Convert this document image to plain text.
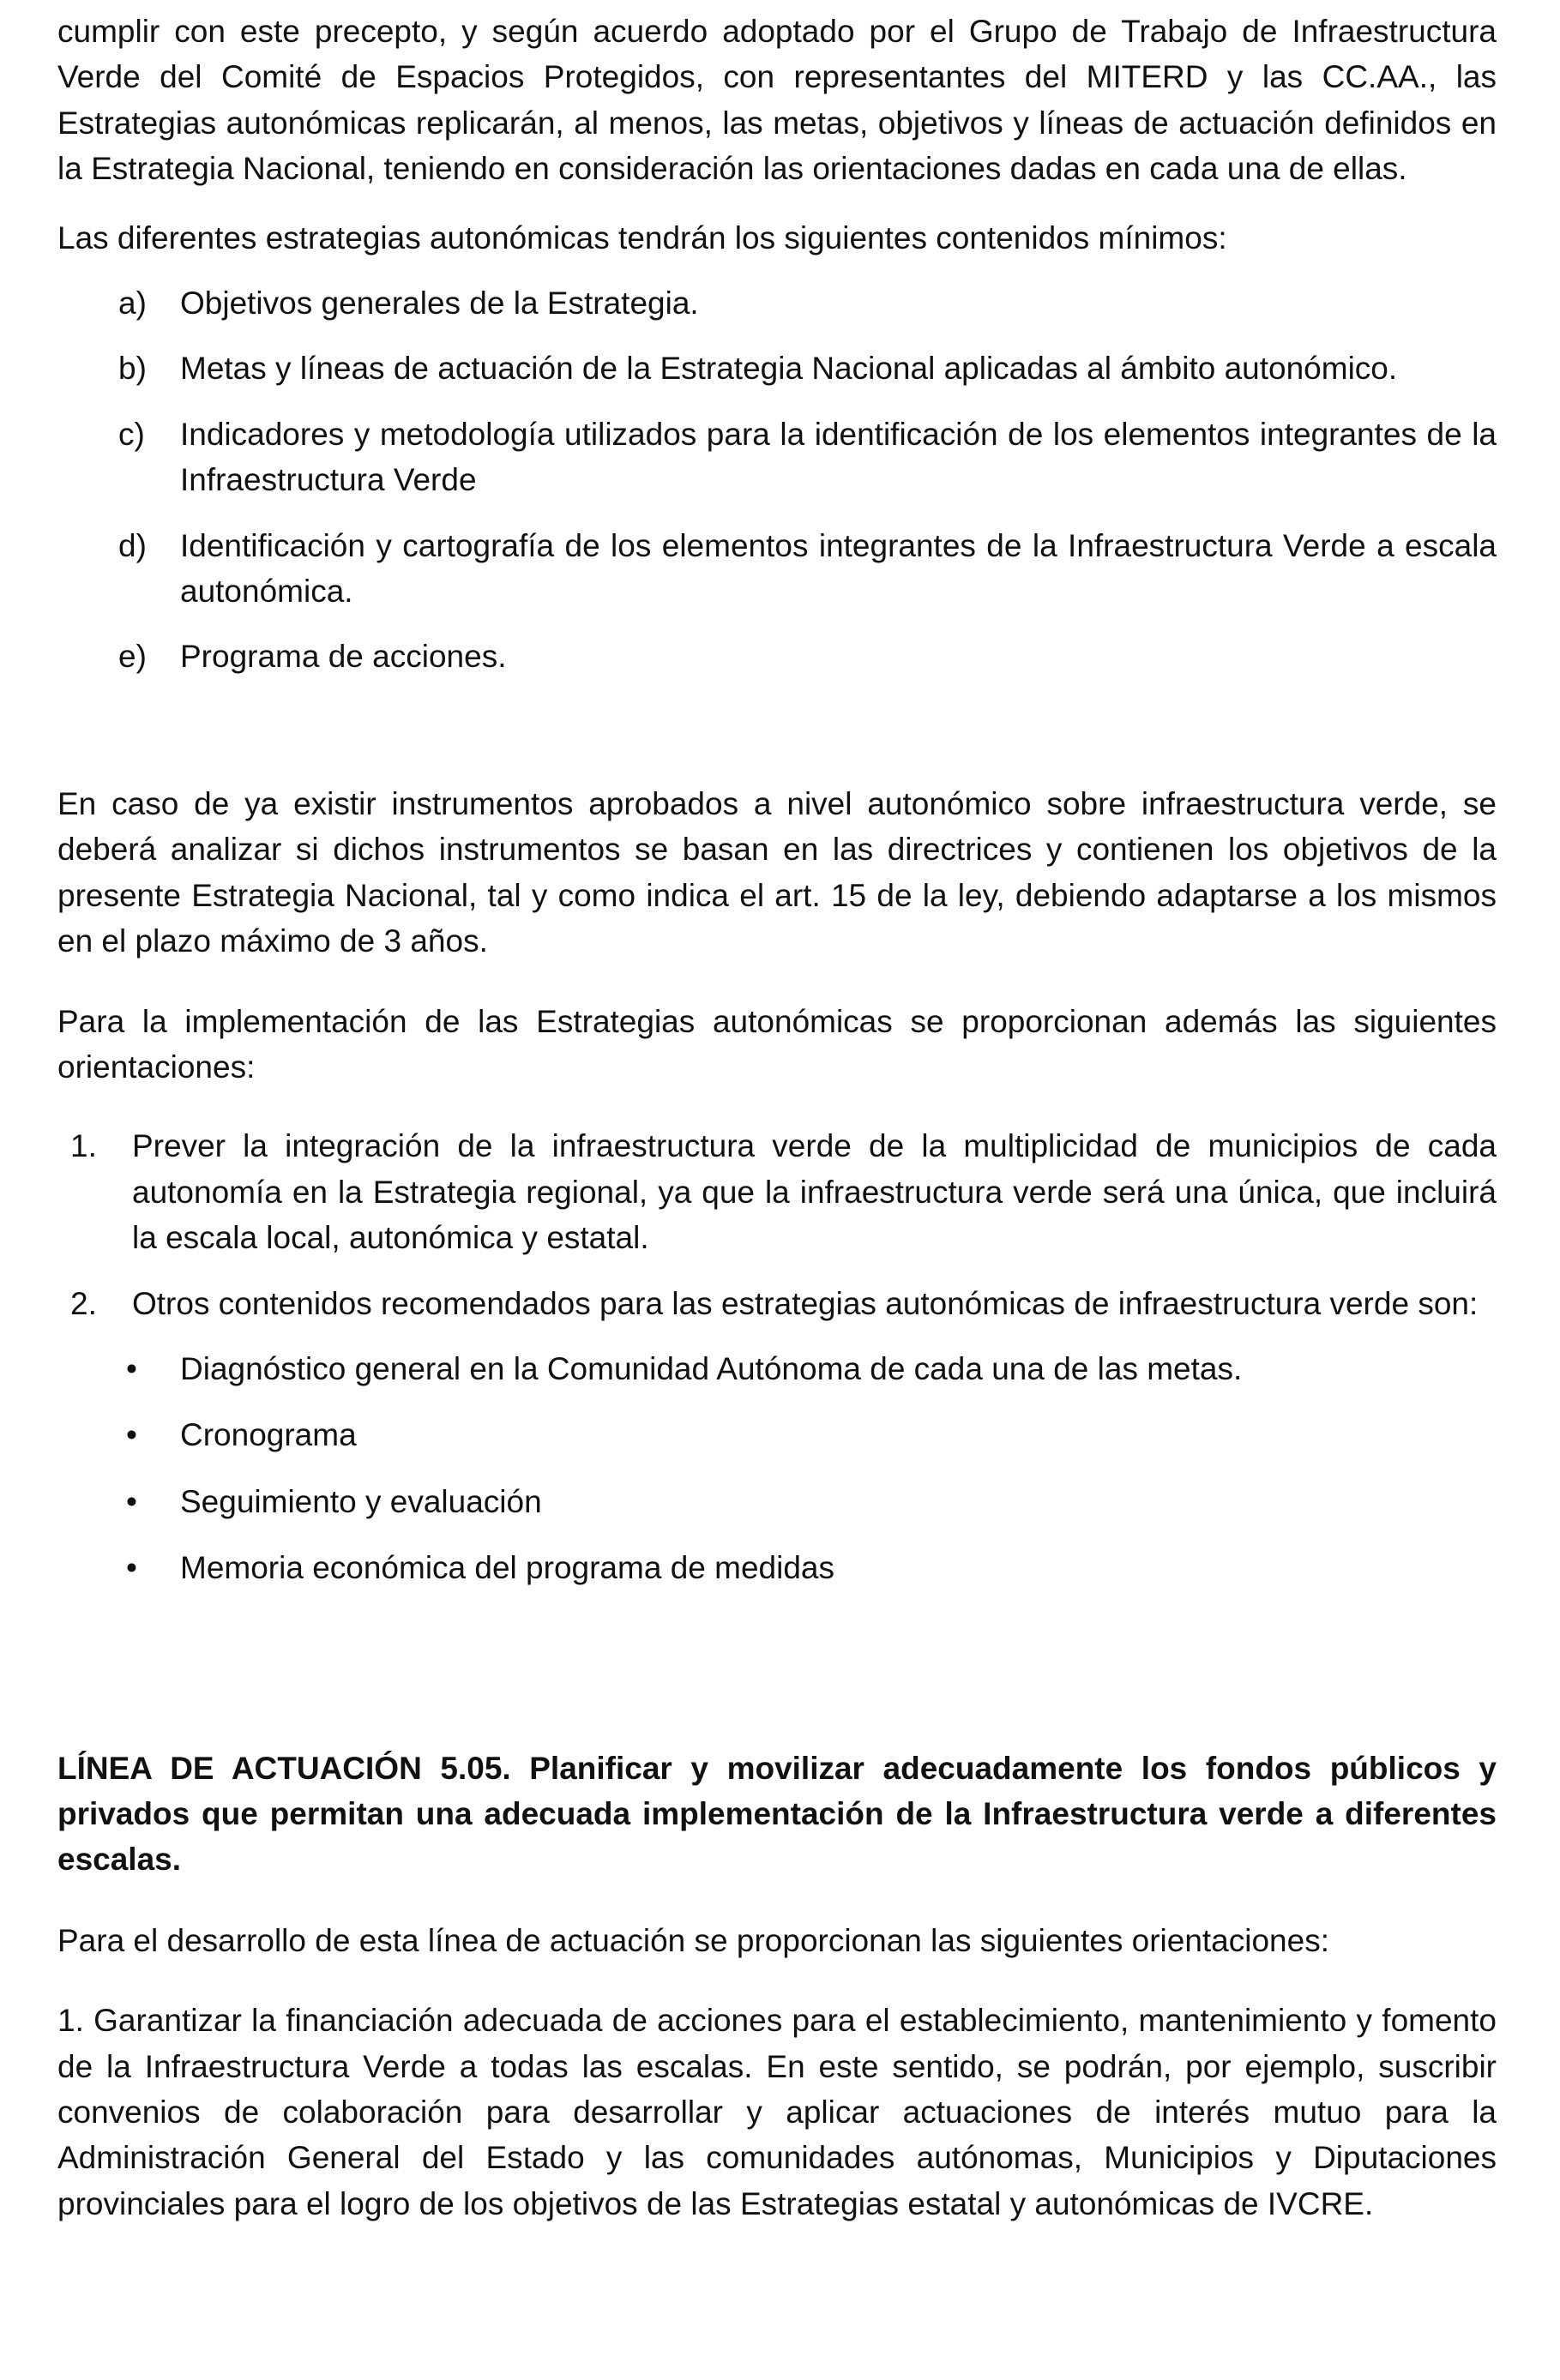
cumplir con este precepto, y según acuerdo adoptado por el Grupo de Trabajo de Infraestructura Verde del Comité de Espacios Protegidos, con representantes del MITERD y las CC.AA., las Estrategias autonómicas replicarán, al menos, las metas, objetivos y líneas de actuación definidos en la Estrategia Nacional, teniendo en consideración las orientaciones dadas en cada una de ellas.

Las diferentes estrategias autonómicas tendrán los siguientes contenidos mínimos:

a) Objetivos generales de la Estrategia.
b) Metas y líneas de actuación de la Estrategia Nacional aplicadas al ámbito autonómico.
c) Indicadores y metodología utilizados para la identificación de los elementos integrantes de la Infraestructura Verde
d) Identificación y cartografía de los elementos integrantes de la Infraestructura Verde a escala autonómica.
e) Programa de acciones.

En caso de ya existir instrumentos aprobados a nivel autonómico sobre infraestructura verde, se deberá analizar si dichos instrumentos se basan en las directrices y contienen los objetivos de la presente Estrategia Nacional, tal y como indica el art. 15 de la ley, debiendo adaptarse a los mismos en el plazo máximo de 3 años.

Para la implementación de las Estrategias autonómicas se proporcionan además las siguientes orientaciones:

1. Prever la integración de la infraestructura verde de la multiplicidad de municipios de cada autonomía en la Estrategia regional, ya que la infraestructura verde será una única, que incluirá la escala local, autonómica y estatal.
2. Otros contenidos recomendados para las estrategias autonómicas de infraestructura verde son:
• Diagnóstico general en la Comunidad Autónoma de cada una de las metas.
• Cronograma
• Seguimiento y evaluación
• Memoria económica del programa de medidas

LÍNEA DE ACTUACIÓN 5.05. Planificar y movilizar adecuadamente los fondos públicos y privados que permitan una adecuada implementación de la Infraestructura verde a diferentes escalas.

Para el desarrollo de esta línea de actuación se proporcionan las siguientes orientaciones:

1. Garantizar la financiación adecuada de acciones para el establecimiento, mantenimiento y fomento de la Infraestructura Verde a todas las escalas. En este sentido, se podrán, por ejemplo, suscribir convenios de colaboración para desarrollar y aplicar actuaciones de interés mutuo para la Administración General del Estado y las comunidades autónomas, Municipios y Diputaciones provinciales para el logro de los objetivos de las Estrategias estatal y autonómicas de IVCRE.
